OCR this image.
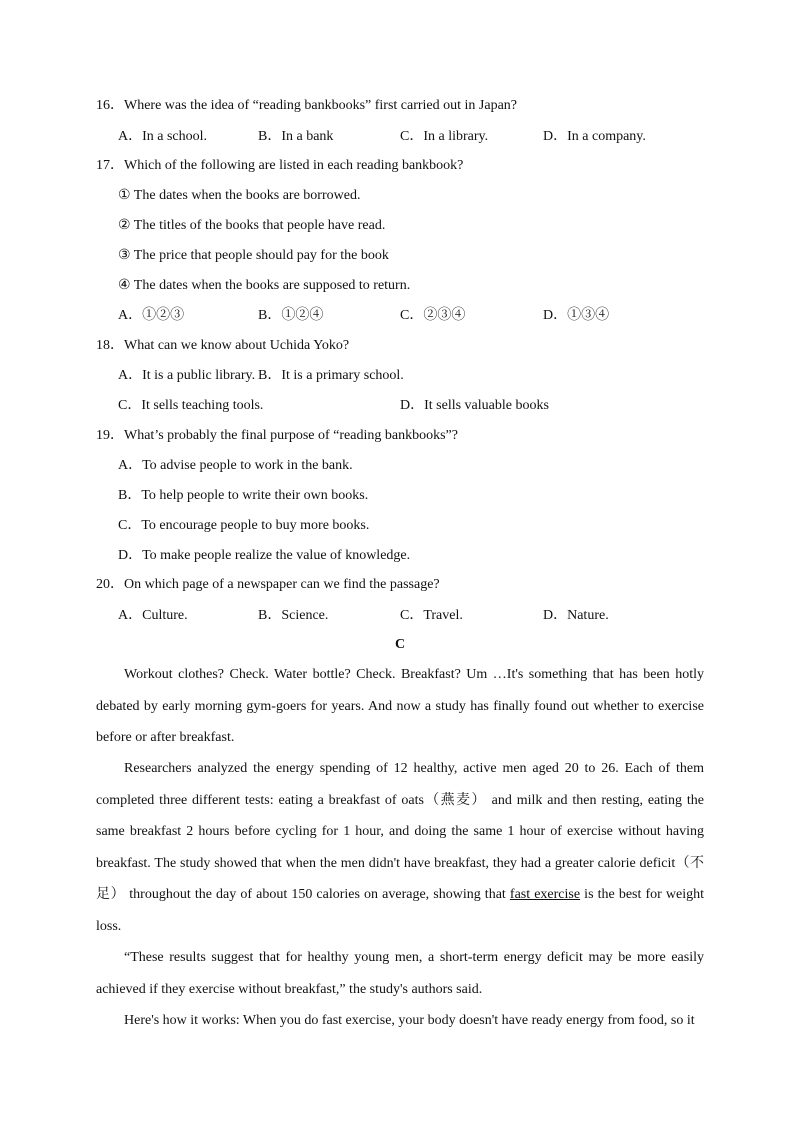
16．Where was the idea of “reading bankbooks” first carried out in Japan?
A．In a school.	B．In a bank	C．In a library.	D．In a company.
17．Which of the following are listed in each reading bankbook?
① The dates when the books are borrowed.
② The titles of the books that people have read.
③ The price that people should pay for the book
④ The dates when the books are supposed to return.
A．①②③	B．①②④	C．②③④	D．①③④
18．What can we know about Uchida Yoko?
A．It is a public library. B．It is a primary school.
C．It sells teaching tools.	D．It sells valuable books
19．What’s probably the final purpose of “reading bankbooks”?
A．To advise people to work in the bank.
B．To help people to write their own books.
C．To encourage people to buy more books.
D．To make people realize the value of knowledge.
20．On which page of a newspaper can we find the passage?
A．Culture.	B．Science.	C．Travel.	D．Nature.
C
Workout clothes? Check. Water bottle? Check. Breakfast? Um …It's something that has been hotly debated by early morning gym-goers for years. And now a study has finally found out whether to exercise before or after breakfast.
Researchers analyzed the energy spending of 12 healthy, active men aged 20 to 26. Each of them completed three different tests: eating a breakfast of oats（燕麦） and milk and then resting, eating the same breakfast 2 hours before cycling for 1 hour, and doing the same 1 hour of exercise without having breakfast. The study showed that when the men didn't have breakfast, they had a greater calorie deficit（不足） throughout the day of about 150 calories on average, showing that fast exercise is the best for weight loss.
“These results suggest that for healthy young men, a short-term energy deficit may be more easily achieved if they exercise without breakfast,” the study's authors said.
Here's how it works: When you do fast exercise, your body doesn't have ready energy from food, so it
